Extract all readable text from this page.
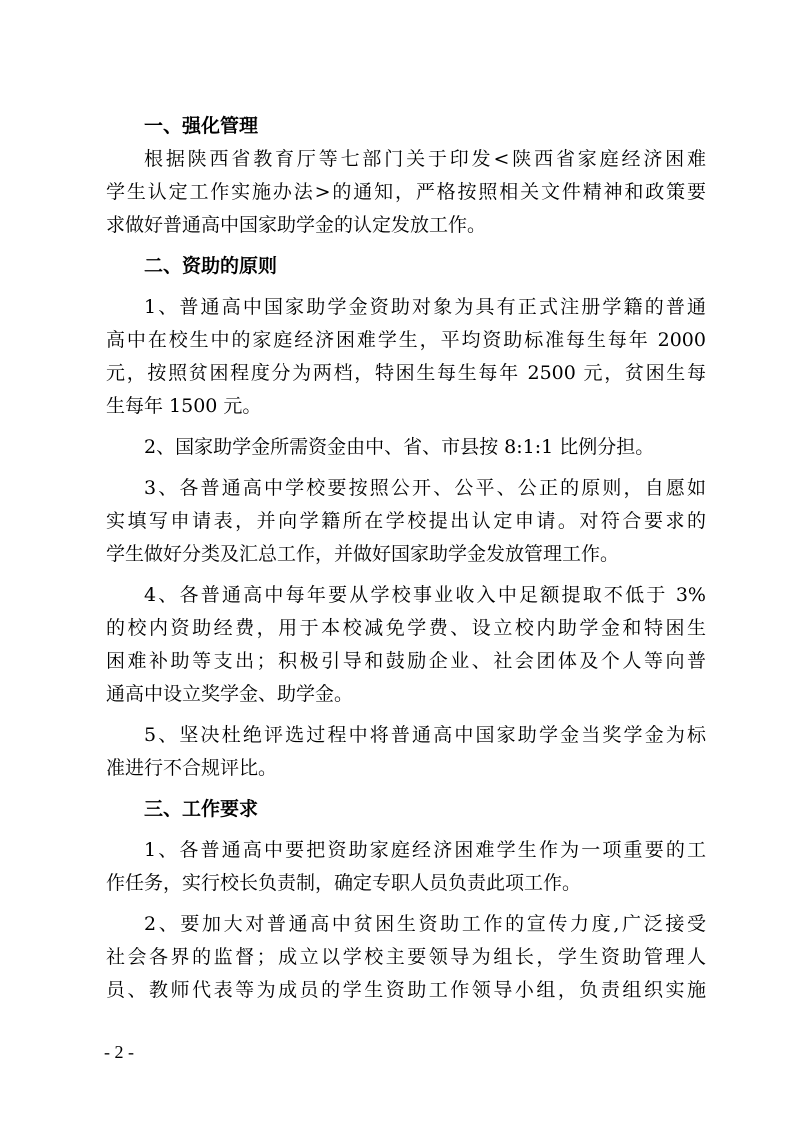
一、强化管理
根据陕西省教育厅等七部门关于印发<陕西省家庭经济困难
学生认定工作实施办法>的通知，严格按照相关文件精神和政策要
求做好普通高中国家助学金的认定发放工作。
二、资助的原则
1、普通高中国家助学金资助对象为具有正式注册学籍的普通
高中在校生中的家庭经济困难学生，平均资助标准每生每年 2000
元，按照贫困程度分为两档，特困生每生每年 2500 元，贫困生每
生每年 1500 元。
2、国家助学金所需资金由中、省、市县按 8:1:1 比例分担。
3、各普通高中学校要按照公开、公平、公正的原则，自愿如
实填写申请表，并向学籍所在学校提出认定申请。对符合要求的
学生做好分类及汇总工作，并做好国家助学金发放管理工作。
4、各普通高中每年要从学校事业收入中足额提取不低于 3%
的校内资助经费，用于本校减免学费、设立校内助学金和特困生
困难补助等支出；积极引导和鼓励企业、社会团体及个人等向普
通高中设立奖学金、助学金。
5、坚决杜绝评选过程中将普通高中国家助学金当奖学金为标
准进行不合规评比。
三、工作要求
1、各普通高中要把资助家庭经济困难学生作为一项重要的工
作任务，实行校长负责制，确定专职人员负责此项工作。
2、要加大对普通高中贫困生资助工作的宣传力度,广泛接受
社会各界的监督；成立以学校主要领导为组长，学生资助管理人
员、教师代表等为成员的学生资助工作领导小组，负责组织实施
- 2 -
